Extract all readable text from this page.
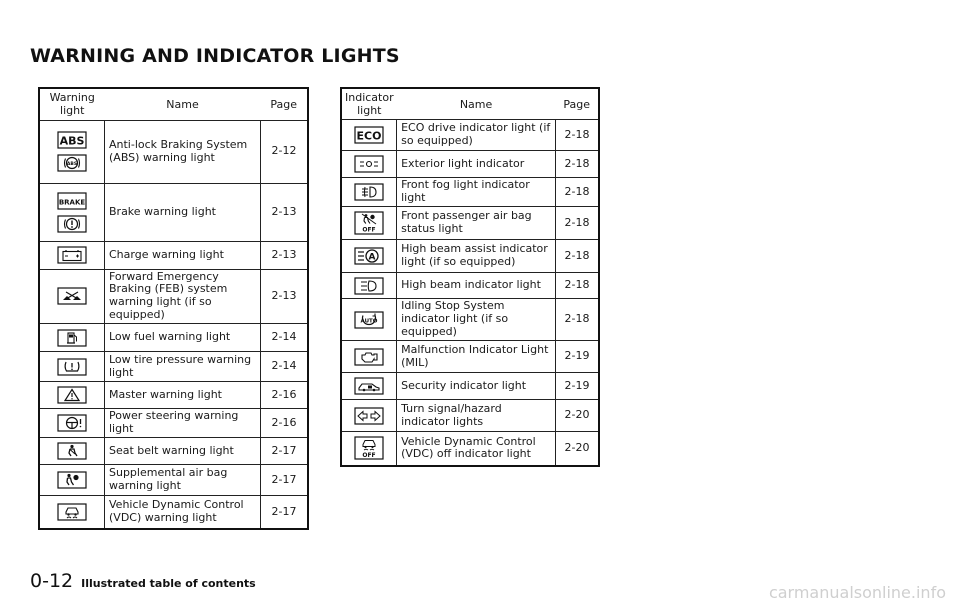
WARNING AND INDICATOR LIGHTS
Warning light	Name	Page

ABS
ABS	Anti-lock Braking System (ABS) warning light	2-12

BRAKE	Brake warning light	2-13
	Charge warning light	2-13
	Forward Emergency Braking (FEB) system warning light (if so equipped)	2-13
	Low fuel warning light	2-14
	Low tire pressure warning light	2-14
	Master warning light	2-16
	Power steering warning light	2-16
	Seat belt warning light	2-17
	Supplemental air bag warning light	2-17
	Vehicle Dynamic Control (VDC) warning light	2-17
Indicator light	Name	Page

ECO	ECO drive indicator light (if so equipped)	2-18
	Exterior light indicator	2-18
	Front fog light indicator light	2-18

OFF	Front passenger air bag status light	2-18

A	High beam assist indicator light (if so equipped)	2-18
	High beam indicator light	2-18

AUTO	Idling Stop System indicator light (if so equipped)	2-18
	Malfunction Indicator Light (MIL)	2-19
	Security indicator light	2-19
	Turn signal/hazard indicator lights	2-20

OFF	Vehicle Dynamic Control (VDC) off indicator light	2-20
0-12 Illustrated table of contents	carmanualsonline.info
